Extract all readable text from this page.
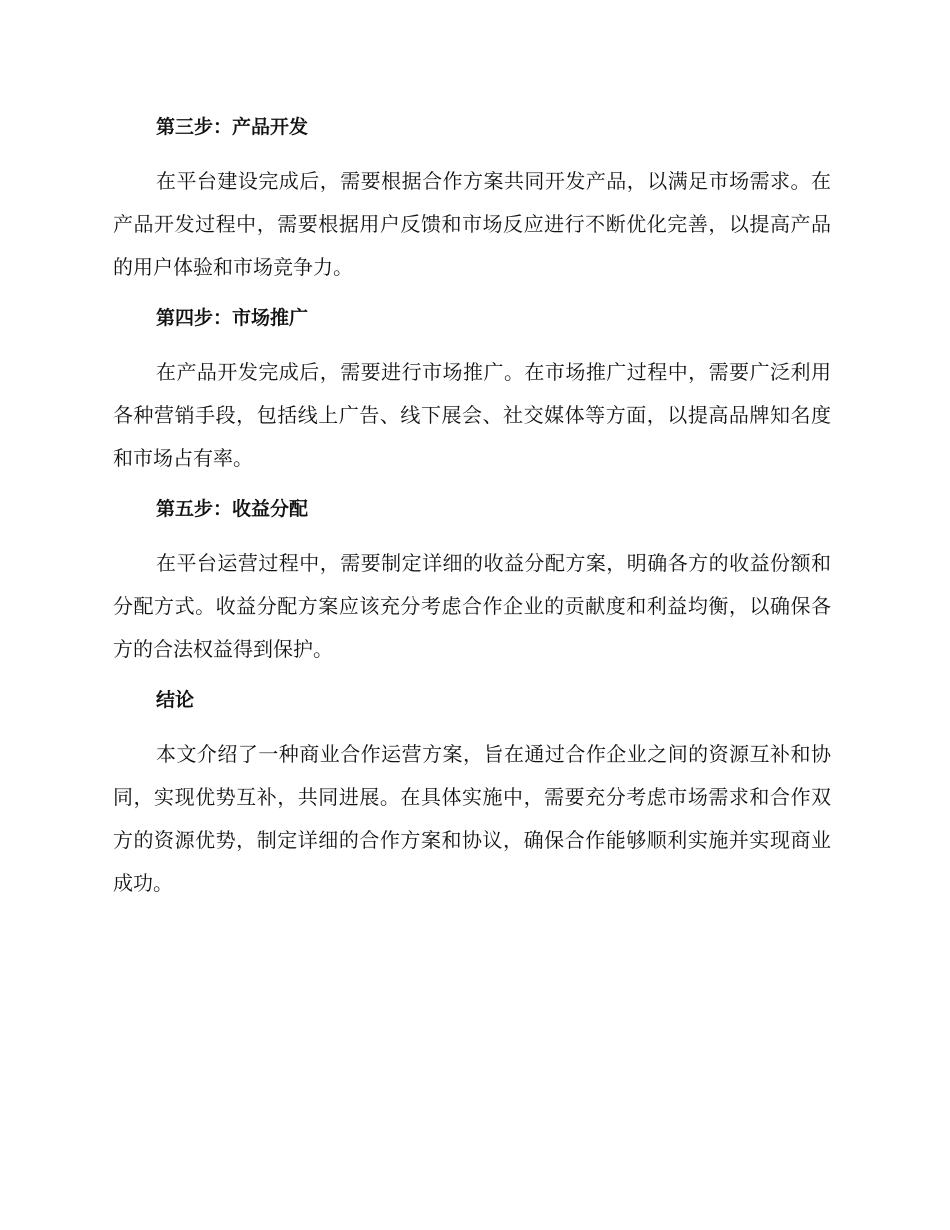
第三步：产品开发

在平台建设完成后，需要根据合作方案共同开发产品，以满足市场需求。在产品开发过程中，需要根据用户反馈和市场反应进行不断优化完善，以提高产品的用户体验和市场竞争力。

第四步：市场推广

在产品开发完成后，需要进行市场推广。在市场推广过程中，需要广泛利用各种营销手段，包括线上广告、线下展会、社交媒体等方面，以提高品牌知名度和市场占有率。

第五步：收益分配

在平台运营过程中，需要制定详细的收益分配方案，明确各方的收益份额和分配方式。收益分配方案应该充分考虑合作企业的贡献度和利益均衡，以确保各方的合法权益得到保护。

结论

本文介绍了一种商业合作运营方案，旨在通过合作企业之间的资源互补和协同，实现优势互补，共同进展。在具体实施中，需要充分考虑市场需求和合作双方的资源优势，制定详细的合作方案和协议，确保合作能够顺利实施并实现商业成功。
